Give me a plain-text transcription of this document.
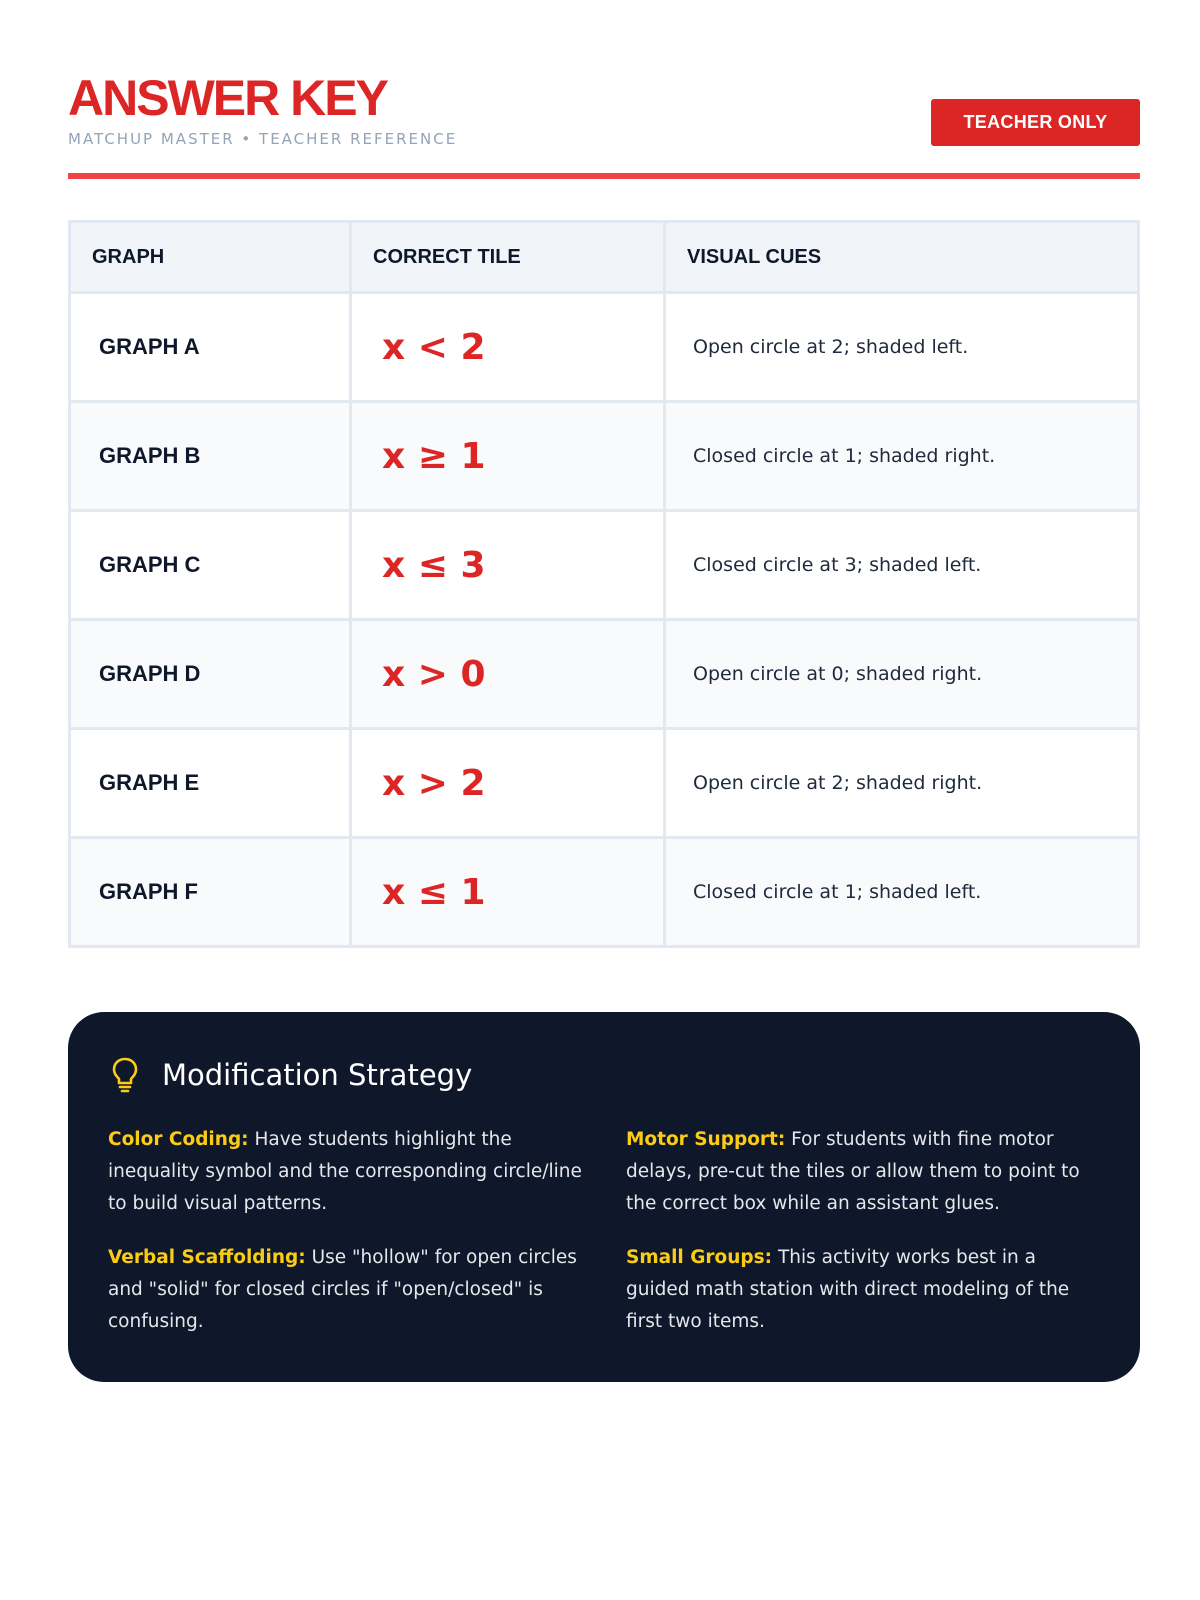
ANSWER KEY
MATCHUP MASTER • TEACHER REFERENCE
TEACHER ONLY
GRAPH	CORRECT TILE	VISUAL CUES
GRAPH A	x < 2	Open circle at 2; shaded left.
GRAPH B	x ≥ 1	Closed circle at 1; shaded right.
GRAPH C	x ≤ 3	Closed circle at 3; shaded left.
GRAPH D	x > 0	Open circle at 0; shaded right.
GRAPH E	x > 2	Open circle at 2; shaded right.
GRAPH F	x ≤ 1	Closed circle at 1; shaded left.
Modification Strategy

Color Coding: Have students highlight the inequality symbol and the corresponding circle/line to build visual patterns.

Motor Support: For students with fine motor delays, pre-cut the tiles or allow them to point to the correct box while an assistant glues.

Verbal Scaffolding: Use "hollow" for open circles and "solid" for closed circles if "open/closed" is confusing.

Small Groups: This activity works best in a guided math station with direct modeling of the first two items.
